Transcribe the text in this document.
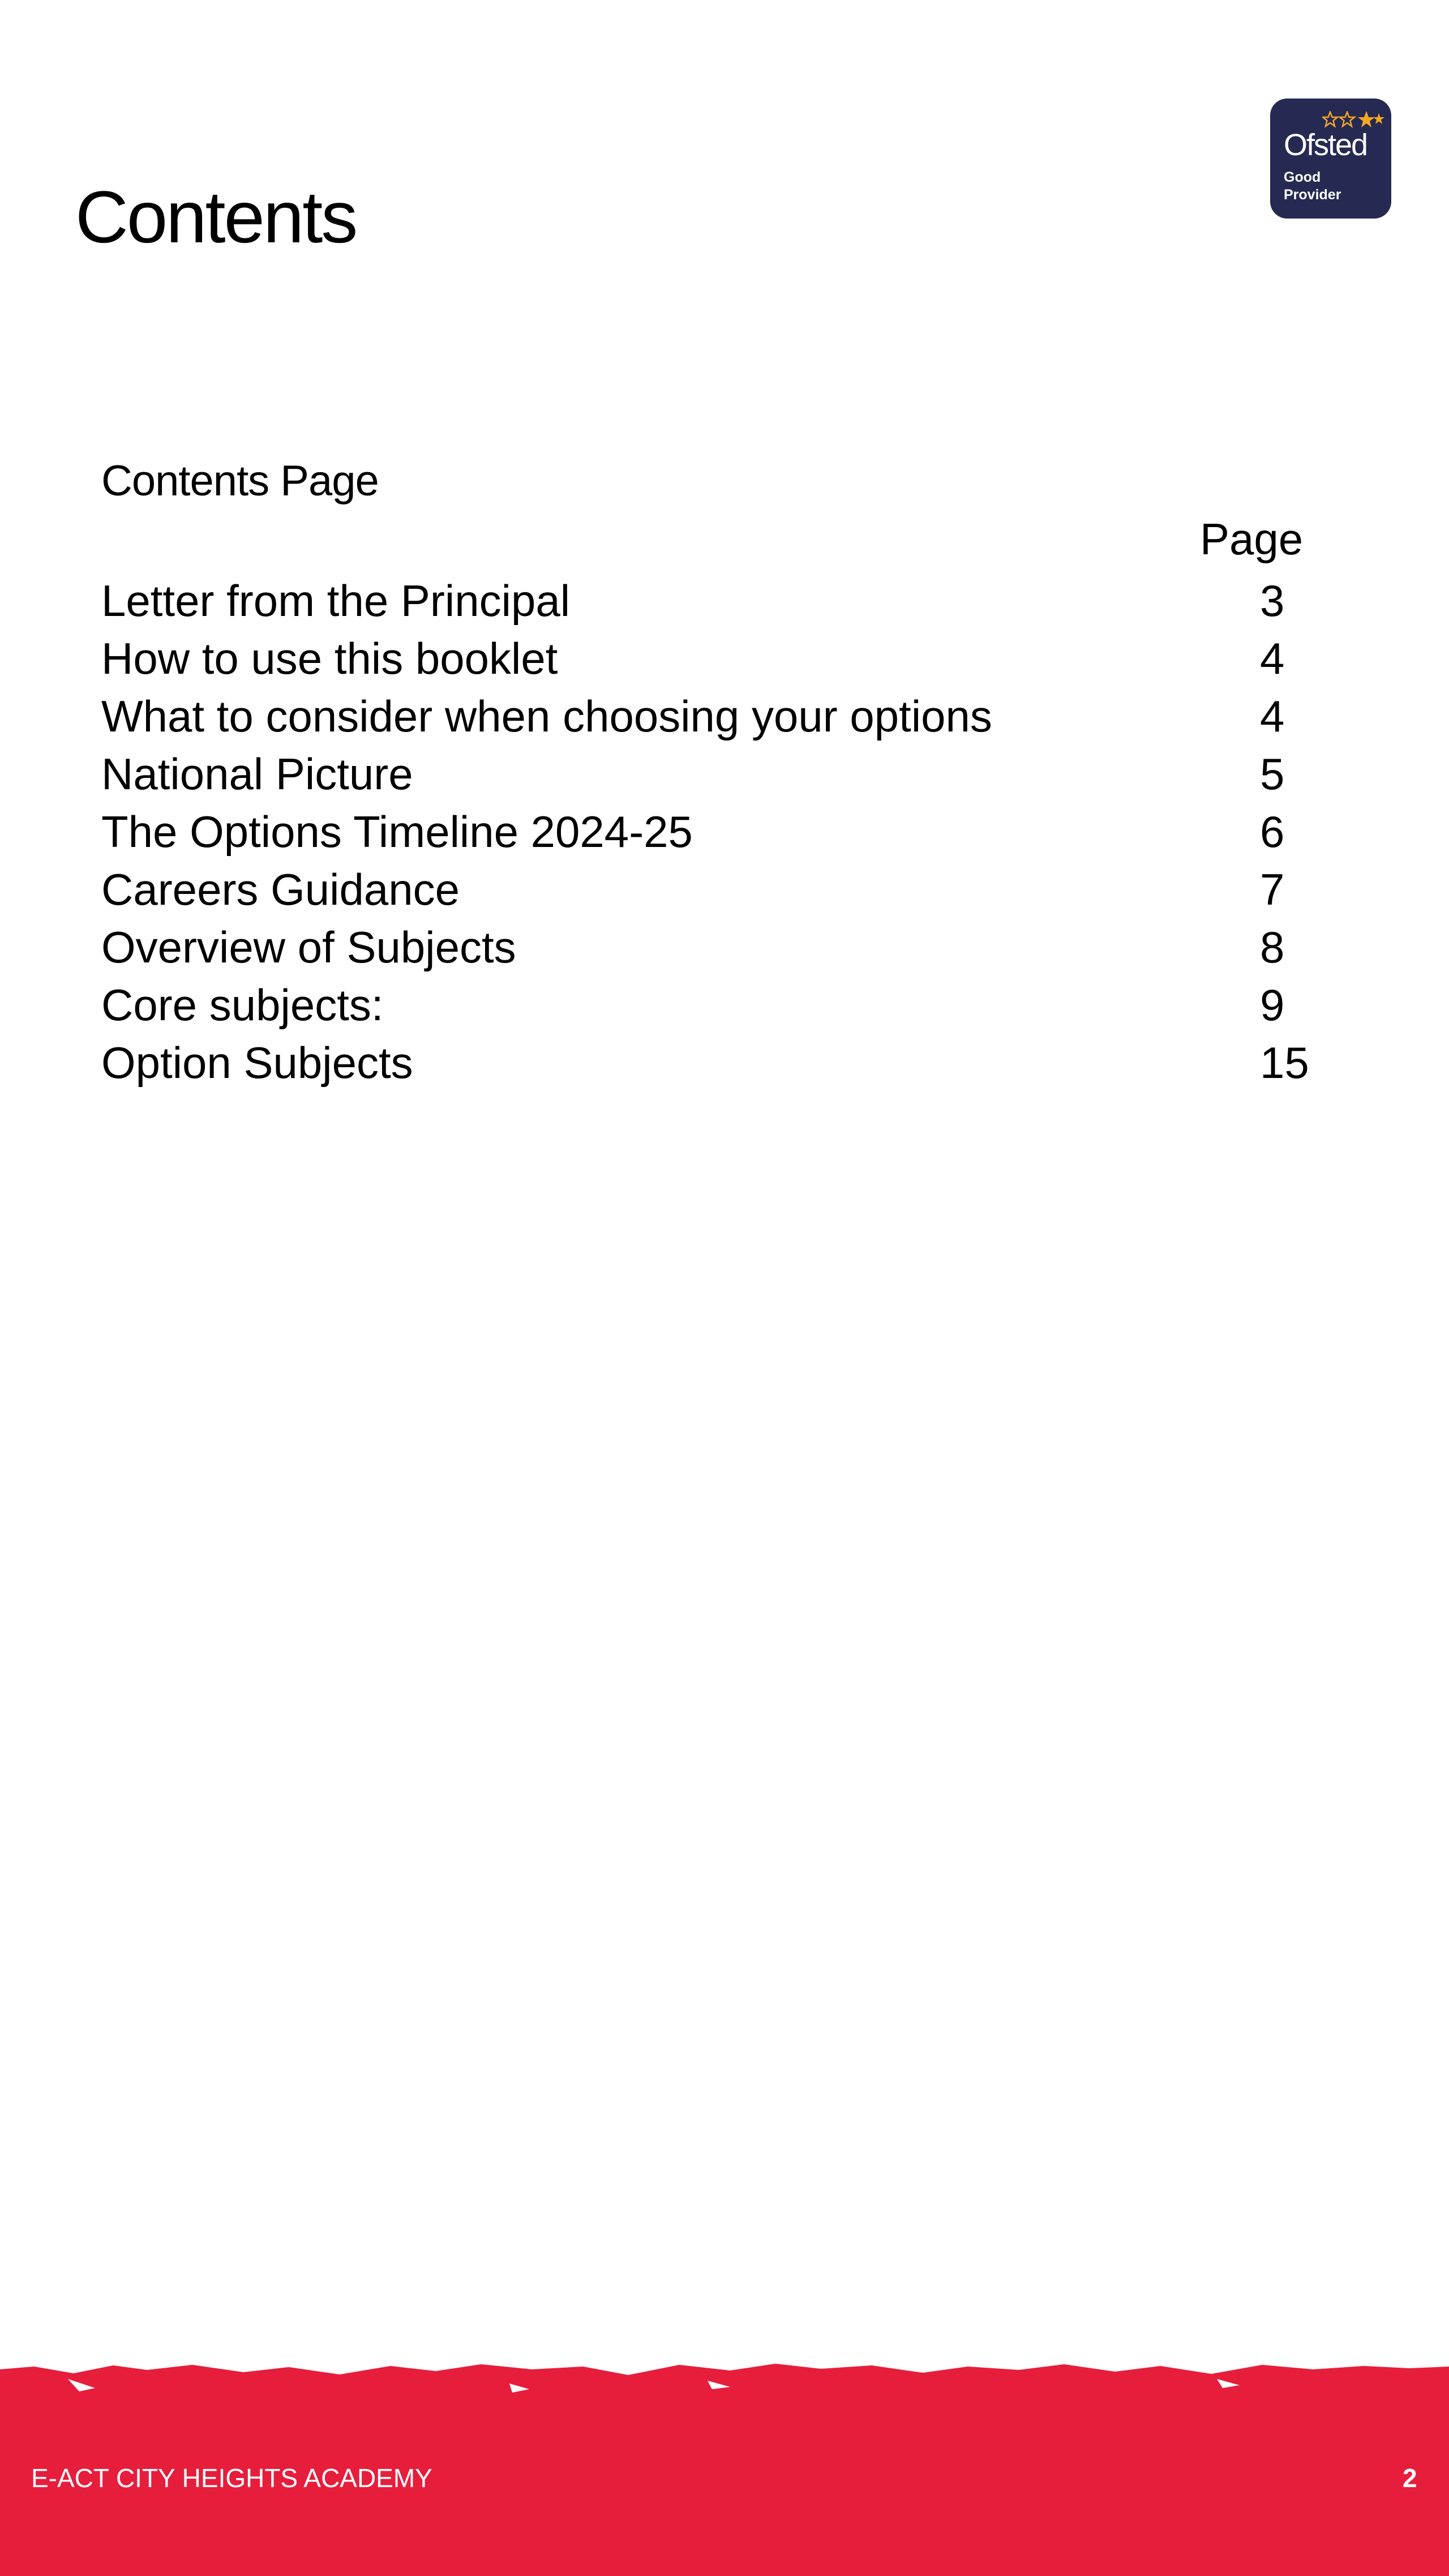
Contents
Ofsted
Good
Provider
Contents Page
Page
Letter from the Principal	3
How to use this booklet	4
What to consider when choosing your options	4
National Picture	5
The Options Timeline 2024-25	6
Careers Guidance	7
Overview of Subjects	8
Core subjects:	9
Option Subjects	15
E-ACT CITY HEIGHTS ACADEMY	2
